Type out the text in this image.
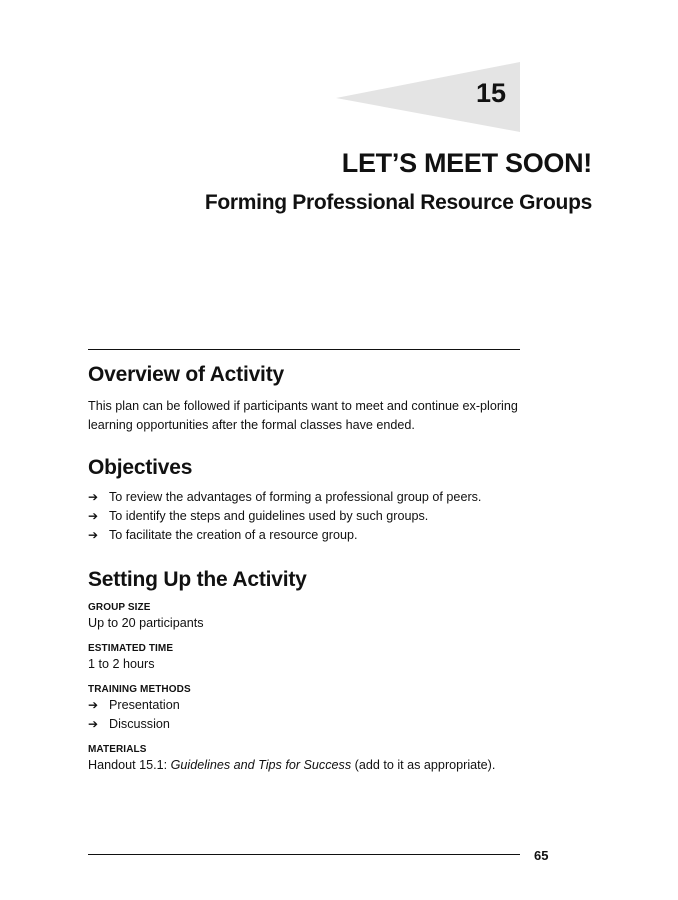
15
LET’S MEET SOON!
Forming Professional Resource Groups
Overview of Activity

This plan can be followed if participants want to meet and continue ex-ploring learning opportunities after the formal classes have ended.

Objectives
➔ To review the advantages of forming a professional group of peers.
➔ To identify the steps and guidelines used by such groups.
➔ To facilitate the creation of a resource group.
Setting Up the Activity

GROUP SIZE

Up to 20 participants

ESTIMATED TIME

1 to 2 hours

TRAINING METHODS

➔ Presentation
➔ Discussion

MATERIALS

Handout 15.1: Guidelines and Tips for Success (add to it as appropriate).

65
